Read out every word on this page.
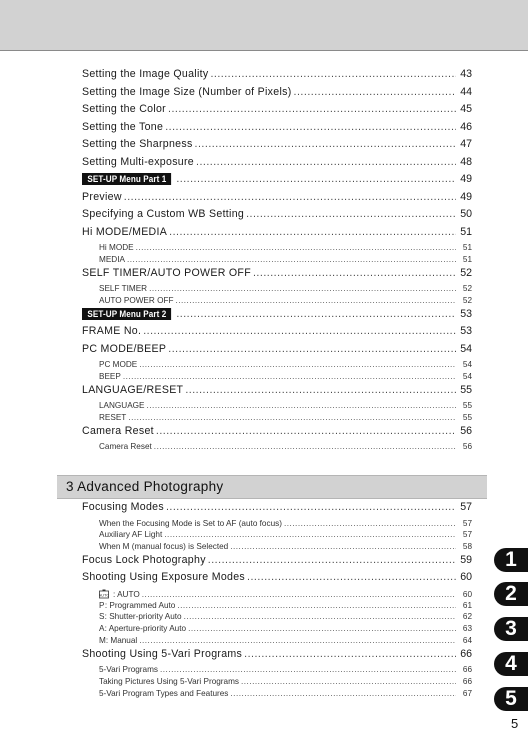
Setting the Image Quality .....	43
Setting the Image Size (Number of Pixels) .....	44
Setting the Color .....	45
Setting the Tone .....	46
Setting the Sharpness .....	47
Setting Multi-exposure .....	48
SET-UP Menu Part 1 .....	49
Preview .....	49
Specifying a Custom WB Setting .....	50
Hi MODE/MEDIA .....	51
Hi MODE .....	51
MEDIA .....	51
SELF TIMER/AUTO POWER OFF .....	52
SELF TIMER .....	52
AUTO POWER OFF .....	52
SET-UP Menu Part 2 .....	53
FRAME No. .....	53
PC MODE/BEEP .....	54
PC MODE .....	54
BEEP .....	54
LANGUAGE/RESET .....	55
LANGUAGE .....	55
RESET .....	55
Camera Reset .....	56
Camera Reset .....	56
3 Advanced Photography
Focusing Modes .....	57
When the Focusing Mode is Set to AF (auto focus) .....	57
Auxiliary AF Light .....	57
When M (manual focus) is Selected .....	58
Focus Lock Photography .....	59
Shooting Using Exposure Modes .....	60
AUTO : AUTO .....	60
P : Programmed Auto .....	61
S : Shutter-priority Auto .....	62
A : Aperture-priority Auto .....	63
M : Manual .....	64
Shooting Using 5-Vari Programs .....	66
5-Vari Programs .....	66
Taking Pictures Using 5-Vari Programs .....	66
5-Vari Program Types and Features .....	67
1
2
3
4
5
5
